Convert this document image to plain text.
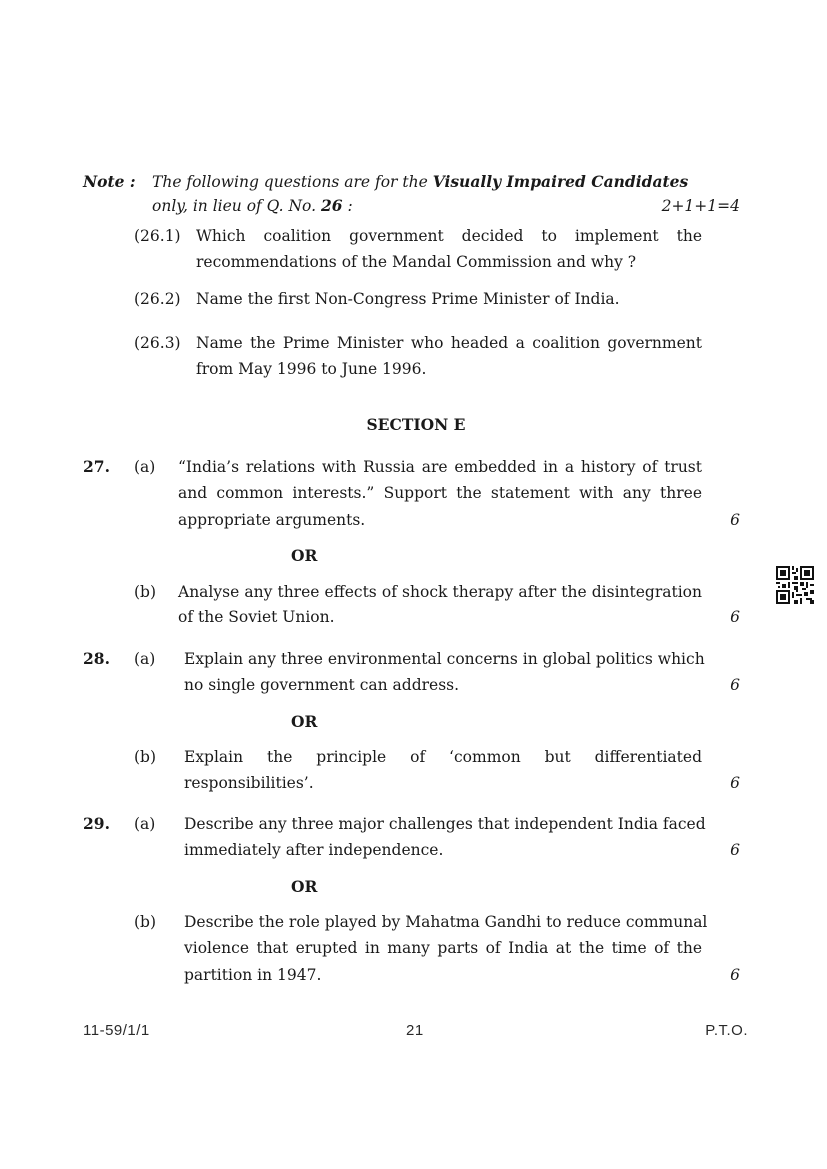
Note : The following questions are for the Visually Impaired Candidates
only, in lieu of Q. No. 26 :	2+1+1=4
(26.1) Which coalition government decided to implement the
recommendations of the Mandal Commission and why ?
(26.2) Name the first Non-Congress Prime Minister of India.
(26.3) Name the Prime Minister who headed a coalition government
from May 1996 to June 1996.
SECTION E
27. (a) “India’s relations with Russia are embedded in a history of trust
and common interests.” Support the statement with any three
appropriate arguments.	6
OR
(b) Analyse any three effects of shock therapy after the disintegration
of the Soviet Union.	6
28. (a) Explain any three environmental concerns in global politics which
no single government can address.	6
OR
(b) Explain the principle of ‘common but differentiated
responsibilities’.	6
29. (a) Describe any three major challenges that independent India faced
immediately after independence.	6
OR
(b) Describe the role played by Mahatma Gandhi to reduce communal
violence that erupted in many parts of India at the time of the
partition in 1947.	6
11-59/1/1	21	P.T.O.
